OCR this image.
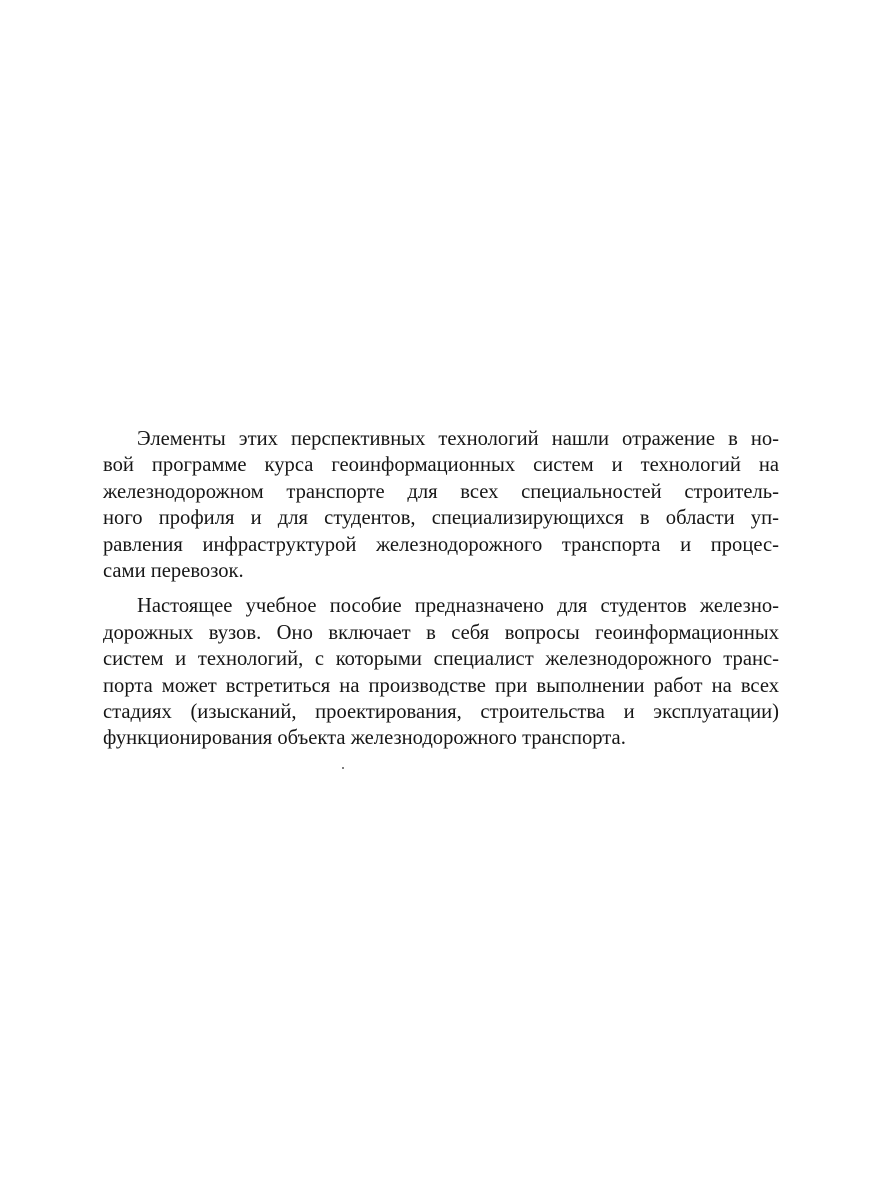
Элементы этих перспективных технологий нашли отражение в но-
вой программе курса геоинформационных систем и технологий на
железнодорожном транспорте для всех специальностей строитель-
ного профиля и для студентов, специализирующихся в области уп-
равления инфраструктурой железнодорожного транспорта и процес-
сами перевозок.

Настоящее учебное пособие предназначено для студентов железно-
дорожных вузов. Оно включает в себя вопросы геоинформационных
систем и технологий, с которыми специалист железнодорожного транс-
порта может встретиться на производстве при выполнении работ на всех
стадиях (изысканий, проектирования, строительства и эксплуатации)
функционирования объекта железнодорожного транспорта.
